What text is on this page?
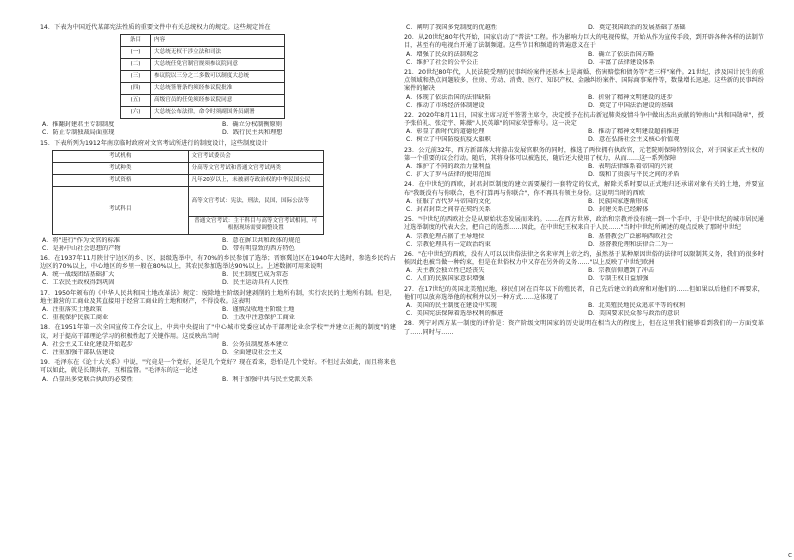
14．下表为中国近代某部宪法性质的重要文件中有关总统权力的规定。这些规定旨在
条目	内容
(一)	大总统无权干涉立法和司法
(二)	大总统任免官制官规须参议院同意
(三)	参议院以三分之二多数可以制度大总统
(四)	大总统签署条约须经参议院批准
(五)	高级官员的任免须经参议院同意
(六)	大总统公布法律，命令时须副国务员副署
A．推翻封建君主专制制度	B．确立分权制衡原则
C．防止专制独裁局面重现	D．践行民主共和理想
15．下表所列为1912年南京临时政府对文官考试所进行的制度设计，这些制度设计
考试机构	文官考试委员会
考试种类	分高等文官考试和普通文官考试两类
考试资格	凡年20岁以上，未被剥夺政治权的中华民国公民
考试科目	高等文官考试：宪法，刑法，民国，国际公法等
	普通文官考试：主干科目与高等文官考试相同，可根据现场需要调整设置
A．将"进行"作为文官的标准	B．意在摒卫共和政体的规范
C．是孙中山社会思想的产物	D．带有明显致的西方特色
16．在1937年11月陕甘宁边区的乡、区、县级选举中，有70%的乡民参加了选举；晋察冀边区在1940年大选时，参选乡民约占边区的70%以上，中心地区的乡里一般在80%以上，其农民参加选举达90%以上。上述数据可用来说明
A．统一战线团结基础扩大	B．民主制度已成为常态
C．工农民主政权得到巩固	D．民主运动具有人民性
17．1950年颁布的《中华人民共和国土地改革法》规定：废除地主阶级封建剥削的土地所有制，实行农民的土地所有制。但是，地主兼营的工商业及其直接用于经营工商业的土地和财产，不得没收。这表明
A．注重落实土地政策	B．谨慎没收地主阶级土地
C．重视保护民族工商业	D．土改中注意保护工商业
18．在1951年第一次全国宣传工作会议上，中共中央提出了"中心城市党委应试办干部理论业余学校""并建立正规的制度"的建议，对于提高干部理论学习的积极性起了关键作用。这反映出当时
A．社会主义工业化建设开始起步	B．公务员制度基本建立
C．注重加强干部队伍建设	D．全面建设社会主义
19．毛泽东在《论十大关系》中说，"究竟是一个党好，还是几个党好？现在看来，恐怕是几个党好。不但过去如此，而且将来也可以如此，就是长期共存，互相监督。"毛泽东的这一论述
A．凸显出多党联合执政的必要性	B．利于加强中共与民主党派关系
C．阐明了我国多党制度的优越性	D．奠定我国政治的发展基础了基础
20．从20世纪80年代开始，国家启动了"普法"工程。作为影响力巨大的电视传媒，开始从作为宣传手段，到开辟各种各样的法制节目，甚至有的电视台开通了法制频道。这些节目和频道的普遍意义在于
A．增强了民众的法制观念	B．确立了依法治国方略
C．维护了社会的公平公正	D．丰富了法律建设体系
21．20世纪80年代，人民法院受理的民事纠纷案件还基本上是离婚、伤害赔偿和债务等"老三样"案件。21世纪，涉及国计民生的重点领域和热点问题较多，住房、劳动、消费、医疗、知识产权、金融纠纷案件、国际商事案件等，数量增长迅速。这些新的民事纠纷案件的解决
A．体现了依法治国的法律缺陷	B．折射了精神文明建设的进步
C．推动了市场经济体制建设	D．奠定了中国法治建设的基础
22．2020年8月11日，国家主席习近平签署主席令，决定授予在抗击新冠肺炎疫情斗争中做出杰出贡献的钟南山"共和国勋章"，授予张伯礼、张定宇、陈薇"人民英雄"的国家荣誉称号。这一决定
A．彰显了新时代的道德伦理	B．推动了精神文明建设超前推进
C．树立了中国防疫抗疫大旗帜	D．意在弘扬社会主义核心价值观
23．公元前32年，西方新部落大将游击发展官职务的同时，推选了两位拥有执政官，元老院则保障特别议会，对于国家正式主权的第一个重要的议会行动。随后，其将身体可以被选民，随后还大使用了权力，从而……这一系列保障
A．维护了不同的政治力量利益	B．表明法律维系着帝国的兴衰
C．扩大了罗马法律的使用范围	D．缓和了贵族与平民之间的矛盾
24．在中世纪的西欧，封君封臣制度的建立需要履行一套特定的仪式，解除关系时要以正式地归还承诺对象有关的土地，并要宣布"我既没有与你联合，也不打算再与你联合"，你不再具有领主身份。这说明当时的西欧
A．征服了古代罗马帝国的文化	B．民族国家逐渐形成
C．封君封臣之间存在契约关系	D．封建关系已经解体
25．"中世纪的西欧社会是从原始状态发展而来的。……在西方世界，政治和宗教并没有统一到一个手中，于是中世纪的城市居民通过选举制度的代表大会，把自己的选票……因此，在中世纪王权来自于人民……"当时中世纪所阐述的观点反映了那时中世纪
A．宗教伦理占据了主导地位	B．基督教会广泛影响西欧社会
C．宗教伦理具有一定政治约束	D．基督教伦理和法律合二为一
26．"在中世纪的西欧，没有人可以以世俗法律之名来审判上帝之约，虽然基于某种原因世俗的法律可以限制其义务，我们的很多时候因此也被当做一种约束，但是在世俗权力中又存在另外的义务……"以上反映了中世纪欧洲
A．天主教会独立性已经丧失	B．宗教信仰遭到了冲击
C．人们的民族国家意识增强	D．专制王权日益加强
27．在17世纪的英国北美殖民地，移民们对在百年以下的殖民者，自己先后建立的政府和对他们的……但如果以后他们不再要求，他们可以放弃选举他的权利并以另一种方式……这体现了
A．美国的民主制度在建设中实现	B．北美殖民地民众追求平等的权利
C．美国宪法保障着选举权利的推进	D．美国要求民众参与政治的意识
28．列宁对西方某一制度的评价是：资产阶级文明国家的历史说明在相当大的程度上，但在这里我们能够看到我们的一方面变革了……同时与……
C
